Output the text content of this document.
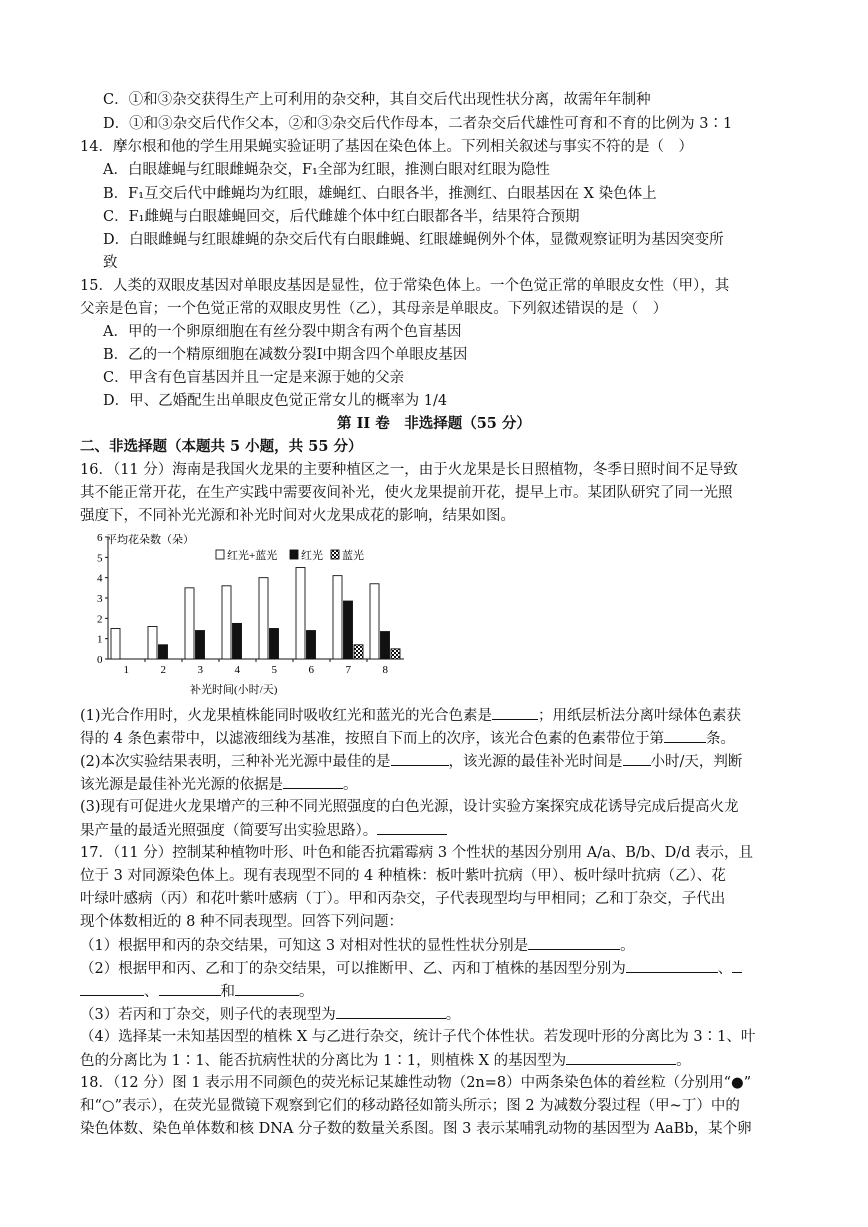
C．①和③杂交获得生产上可利用的杂交种，其自交后代出现性状分离，故需年年制种
D．①和③杂交后代作父本，②和③杂交后代作母本，二者杂交后代雄性可育和不育的比例为 3∶1
14．摩尔根和他的学生用果蝇实验证明了基因在染色体上。下列相关叙述与事实不符的是（　）
A．白眼雄蝇与红眼雌蝇杂交，F₁全部为红眼，推测白眼对红眼为隐性
B．F₁互交后代中雌蝇均为红眼，雄蝇红、白眼各半，推测红、白眼基因在 X 染色体上
C．F₁雌蝇与白眼雄蝇回交，后代雌雄个体中红白眼都各半，结果符合预期
D．白眼雌蝇与红眼雄蝇的杂交后代有白眼雌蝇、红眼雄蝇例外个体，显微观察证明为基因突变所
致
15．人类的双眼皮基因对单眼皮基因是显性，位于常染色体上。一个色觉正常的单眼皮女性（甲），其
父亲是色盲；一个色觉正常的双眼皮男性（乙），其母亲是单眼皮。下列叙述错误的是（　）
A．甲的一个卵原细胞在有丝分裂中期含有两个色盲基因
B．乙的一个精原细胞在减数分裂Ⅰ中期含四个单眼皮基因
C．甲含有色盲基因并且一定是来源于她的父亲
D．甲、乙婚配生出单眼皮色觉正常女儿的概率为 1/4
第 II 卷　非选择题（55 分）
二、非选择题（本题共 5 小题，共 55 分）
16．（11 分）海南是我国火龙果的主要种植区之一，由于火龙果是长日照植物，冬季日照时间不足导致
其不能正常开花，在生产实践中需要夜间补光，使火龙果提前开花，提早上市。某团队研究了同一光照
强度下，不同补光光源和补光时间对火龙果成花的影响，结果如图。
平均花朵数（朵）
红光+蓝光 红光 蓝光
0
1
2
3
4
5
6
1	2	3	4	5	6	7	8
补光时间(小时/天)
(1)光合作用时，火龙果植株能同时吸收红光和蓝光的光合色素是	；用纸层析法分离叶绿体色素获
得的 4 条色素带中，以滤液细线为基准，按照自下而上的次序，该光合色素的色素带位于第	条。
(2)本次实验结果表明，三种补光光源中最佳的是	，该光源的最佳补光时间是 小时/天，判断
该光源是最佳补光光源的依据是	。
(3)现有可促进火龙果增产的三种不同光照强度的白色光源，设计实验方案探究成花诱导完成后提高火龙
果产量的最适光照强度（简要写出实验思路）。
17．（11 分）控制某种植物叶形、叶色和能否抗霜霉病 3 个性状的基因分别用 A/a、B/b、D/d 表示，且
位于 3 对同源染色体上。现有表现型不同的 4 种植株：板叶紫叶抗病（甲）、板叶绿叶抗病（乙）、花
叶绿叶感病（丙）和花叶紫叶感病（丁）。甲和丙杂交，子代表现型均与甲相同；乙和丁杂交，子代出
现个体数相近的 8 种不同表现型。回答下列问题：
（1）根据甲和丙的杂交结果，可知这 3 对相对性状的显性性状分别是	。
（2）根据甲和丙、乙和丁的杂交结果，可以推断甲、乙、丙和丁植株的基因型分别为	、
、	和	。
（3）若丙和丁杂交，则子代的表现型为	。
（4）选择某一未知基因型的植株 X 与乙进行杂交，统计子代个体性状。若发现叶形的分离比为 3∶1、叶
色的分离比为 1∶1、能否抗病性状的分离比为 1∶1，则植株 X 的基因型为	。
18．（12 分）图 1 表示用不同颜色的荧光标记某雄性动物（2n=8）中两条染色体的着丝粒（分别用“●”
和“○”表示），在荧光显微镜下观察到它们的移动路径如箭头所示；图 2 为减数分裂过程（甲~丁）中的
染色体数、染色单体数和核 DNA 分子数的数量关系图。图 3 表示某哺乳动物的基因型为 AaBb，某个卵
